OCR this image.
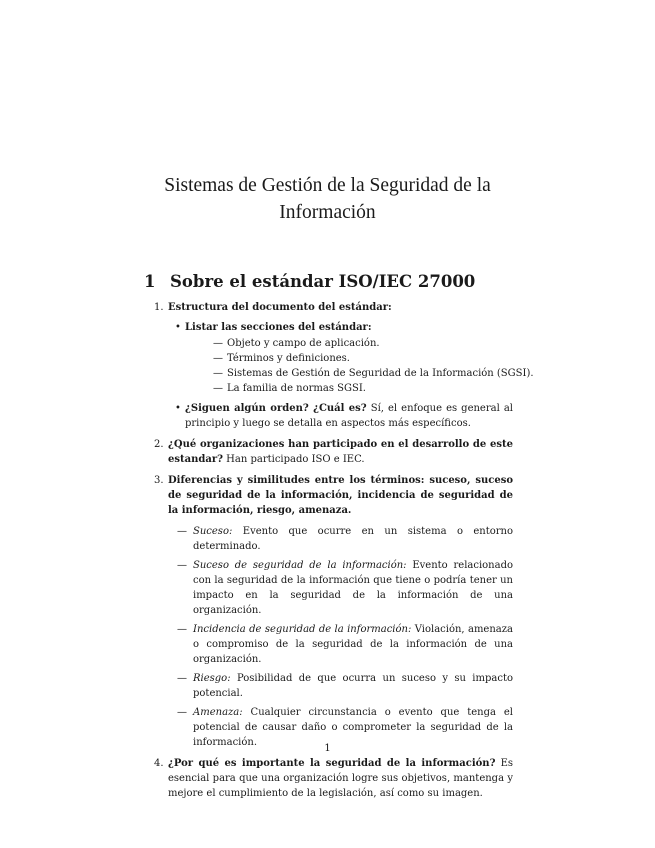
Sistemas de Gestión de la Seguridad de la
Información
1 Sobre el estándar ISO/IEC 27000
1. Estructura del documento del estándar:
• Listar las secciones del estándar:
— Objeto y campo de aplicación.
— Términos y definiciones.
— Sistemas de Gestión de Seguridad de la Información (SGSI).
— La familia de normas SGSI.
• ¿Siguen algún orden? ¿Cuál es? Sí, el enfoque es general al principio y luego se detalla en aspectos más específicos.
2. ¿Qué organizaciones han participado en el desarrollo de este estandar? Han participado ISO e IEC.
3. Diferencias y similitudes entre los términos: suceso, suceso de seguridad de la información, incidencia de seguridad de la información, riesgo, amenaza.
— Suceso: Evento que ocurre en un sistema o entorno determinado.
— Suceso de seguridad de la información: Evento relacionado con la seguridad de la información que tiene o podría tener un impacto en la seguridad de la información de una organización.
— Incidencia de seguridad de la información: Violación, amenaza o compromiso de la seguridad de la información de una organización.
— Riesgo: Posibilidad de que ocurra un suceso y su impacto potencial.
— Amenaza: Cualquier circunstancia o evento que tenga el potencial de causar daño o comprometer la seguridad de la información.
4. ¿Por qué es importante la seguridad de la información? Es esencial para que una organización logre sus objetivos, mantenga y mejore el cumplimiento de la legislación, así como su imagen.
1
